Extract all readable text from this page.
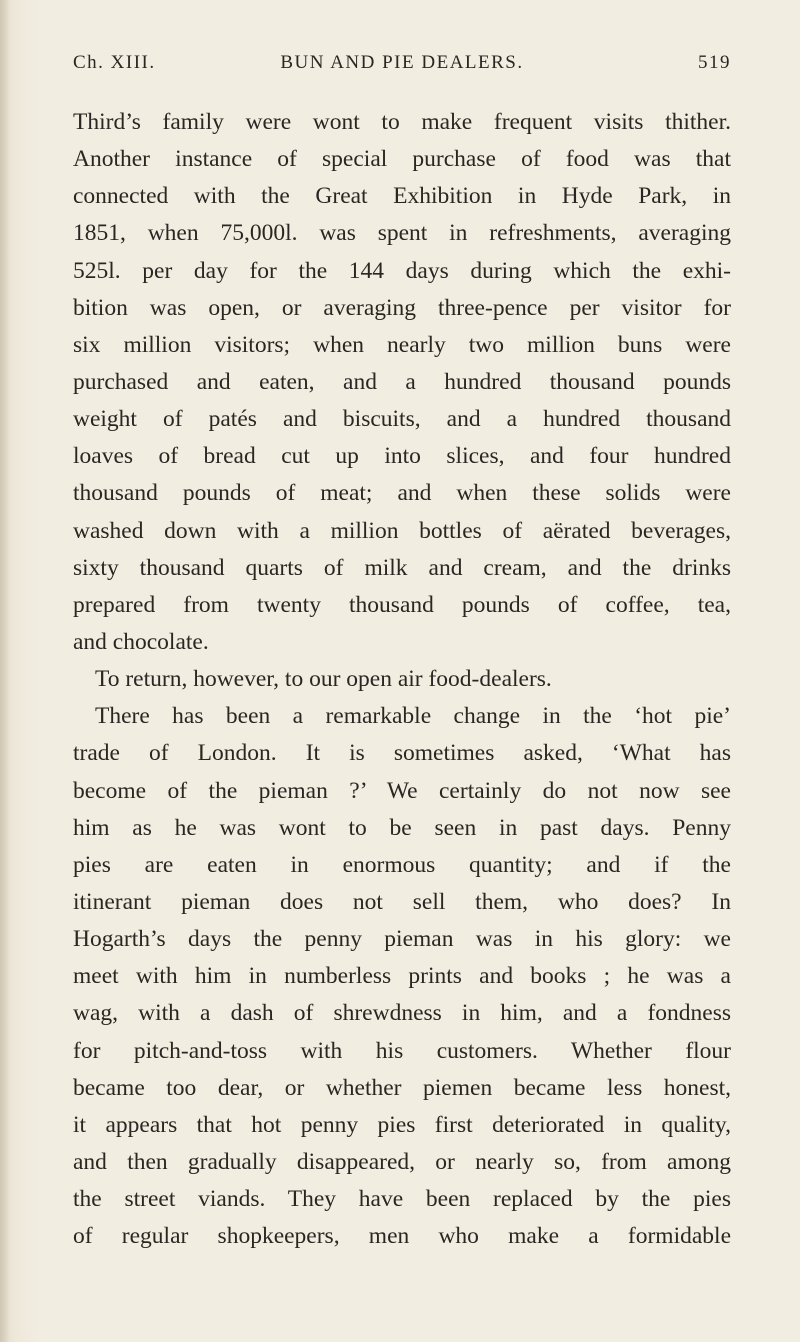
Ch. XIII.	BUN AND PIE DEALERS.	519
Third’s family were wont to make frequent visits thither.
Another instance of special purchase of food was that
connected with the Great Exhibition in Hyde Park, in
1851, when 75,000l. was spent in refreshments, averaging
525l. per day for the 144 days during which the exhi-
bition was open, or averaging three-pence per visitor for
six million visitors; when nearly two million buns were
purchased and eaten, and a hundred thousand pounds
weight of patés and biscuits, and a hundred thousand
loaves of bread cut up into slices, and four hundred
thousand pounds of meat; and when these solids were
washed down with a million bottles of aërated beverages,
sixty thousand quarts of milk and cream, and the drinks
prepared from twenty thousand pounds of coffee, tea,
and chocolate.
To return, however, to our open air food-dealers.
There has been a remarkable change in the ‘hot pie’
trade of London. It is sometimes asked, ‘What has
become of the pieman ?’ We certainly do not now see
him as he was wont to be seen in past days. Penny
pies are eaten in enormous quantity; and if the
itinerant pieman does not sell them, who does? In
Hogarth’s days the penny pieman was in his glory: we
meet with him in numberless prints and books ; he was a
wag, with a dash of shrewdness in him, and a fondness
for pitch-and-toss with his customers. Whether flour
became too dear, or whether piemen became less honest,
it appears that hot penny pies first deteriorated in quality,
and then gradually disappeared, or nearly so, from among
the street viands. They have been replaced by the pies
of regular shopkeepers, men who make a formidable
